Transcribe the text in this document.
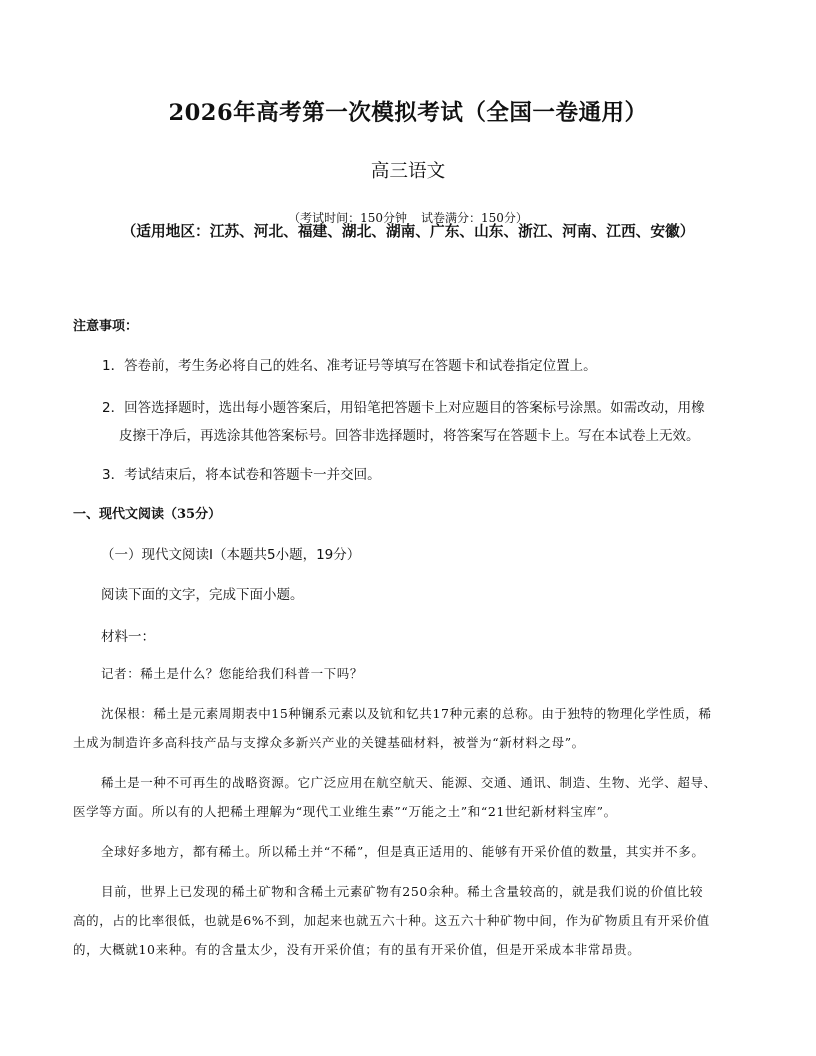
2026年高考第一次模拟考试（全国一卷通用）
高三语文
（考试时间：150分钟 试卷满分：150分）
（适用地区：江苏、河北、福建、湖北、湖南、广东、山东、浙江、河南、江西、安徽）
注意事项：
1．答卷前，考生务必将自己的姓名、准考证号等填写在答题卡和试卷指定位置上。
2．回答选择题时，选出每小题答案后，用铅笔把答题卡上对应题目的答案标号涂黑。如需改动，用橡
皮擦干净后，再选涂其他答案标号。回答非选择题时，将答案写在答题卡上。写在本试卷上无效。
3．考试结束后，将本试卷和答题卡一并交回。
一、现代文阅读（35分）
（一）现代文阅读Ⅰ（本题共5小题，19分）
阅读下面的文字，完成下面小题。
材料一：
记者：稀土是什么？您能给我们科普一下吗？
沈保根：稀土是元素周期表中15种镧系元素以及钪和钇共17种元素的总称。由于独特的物理化学性质，稀
土成为制造许多高科技产品与支撑众多新兴产业的关键基础材料，被誉为“新材料之母”。
稀土是一种不可再生的战略资源。它广泛应用在航空航天、能源、交通、通讯、制造、生物、光学、超导、
医学等方面。所以有的人把稀土理解为“现代工业维生素”“万能之土”和“21世纪新材料宝库”。
全球好多地方，都有稀土。所以稀土并“不稀”，但是真正适用的、能够有开采价值的数量，其实并不多。
目前，世界上已发现的稀土矿物和含稀土元素矿物有250余种。稀土含量较高的，就是我们说的价值比较
高的，占的比率很低，也就是6%不到，加起来也就五六十种。这五六十种矿物中间，作为矿物质且有开采价值
的，大概就10来种。有的含量太少，没有开采价值；有的虽有开采价值，但是开采成本非常昂贵。
